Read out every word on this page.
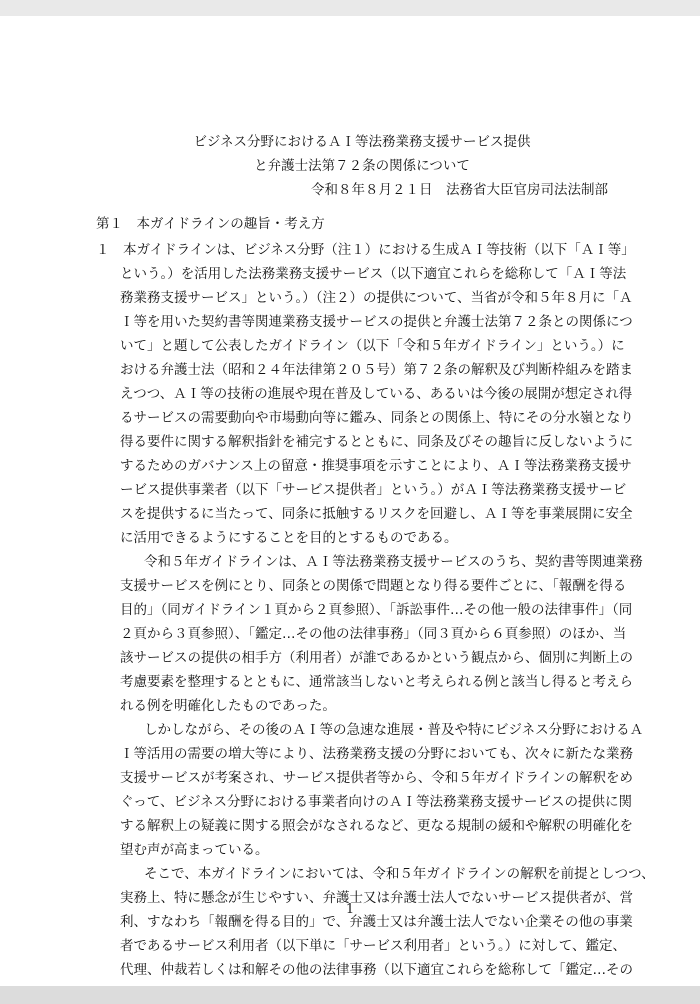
ビジネス分野におけるＡＩ等法務業務支援サービス提供
と弁護士法第７２条の関係について
令和８年８月２１日　法務省大臣官房司法法制部
第１　本ガイドラインの趣旨・考え方
１　本ガイドラインは、ビジネス分野（注１）における生成ＡＩ等技術（以下「ＡＩ等」
という。）を活用した法務業務支援サービス（以下適宜これらを総称して「ＡＩ等法
務業務支援サービス」という。）（注２）の提供について、当省が令和５年８月に「Ａ
Ｉ等を用いた契約書等関連業務支援サービスの提供と弁護士法第７２条との関係につ
いて」と題して公表したガイドライン（以下「令和５年ガイドライン」という。）に
おける弁護士法（昭和２４年法律第２０５号）第７２条の解釈及び判断枠組みを踏ま
えつつ、ＡＩ等の技術の進展や現在普及している、あるいは今後の展開が想定され得
るサービスの需要動向や市場動向等に鑑み、同条との関係上、特にその分水嶺となり
得る要件に関する解釈指針を補完するとともに、同条及びその趣旨に反しないように
するためのガバナンス上の留意・推奨事項を示すことにより、ＡＩ等法務業務支援サ
ービス提供事業者（以下「サービス提供者」という。）がＡＩ等法務業務支援サービ
スを提供するに当たって、同条に抵触するリスクを回避し、ＡＩ等を事業展開に安全
に活用できるようにすることを目的とするものである。
令和５年ガイドラインは、ＡＩ等法務業務支援サービスのうち、契約書等関連業務
支援サービスを例にとり、同条との関係で問題となり得る要件ごとに、「報酬を得る
目的」（同ガイドライン１頁から２頁参照）、「訴訟事件…その他一般の法律事件」（同
２頁から３頁参照）、「鑑定…その他の法律事務」（同３頁から６頁参照）のほか、当
該サービスの提供の相手方（利用者）が誰であるかという観点から、個別に判断上の
考慮要素を整理するとともに、通常該当しないと考えられる例と該当し得ると考えら
れる例を明確化したものであった。
しかしながら、その後のＡＩ等の急速な進展・普及や特にビジネス分野におけるＡ
Ｉ等活用の需要の増大等により、法務業務支援の分野においても、次々に新たな業務
支援サービスが考案され、サービス提供者等から、令和５年ガイドラインの解釈をめ
ぐって、ビジネス分野における事業者向けのＡＩ等法務業務支援サービスの提供に関
する解釈上の疑義に関する照会がなされるなど、更なる規制の緩和や解釈の明確化を
望む声が高まっている。
そこで、本ガイドラインにおいては、令和５年ガイドラインの解釈を前提としつつ、
実務上、特に懸念が生じやすい、弁護士又は弁護士法人でないサービス提供者が、営
利、すなわち「報酬を得る目的」で、弁護士又は弁護士法人でない企業その他の事業
者であるサービス利用者（以下単に「サービス利用者」という。）に対して、鑑定、
代理、仲裁若しくは和解その他の法律事務（以下適宜これらを総称して「鑑定…その
1
